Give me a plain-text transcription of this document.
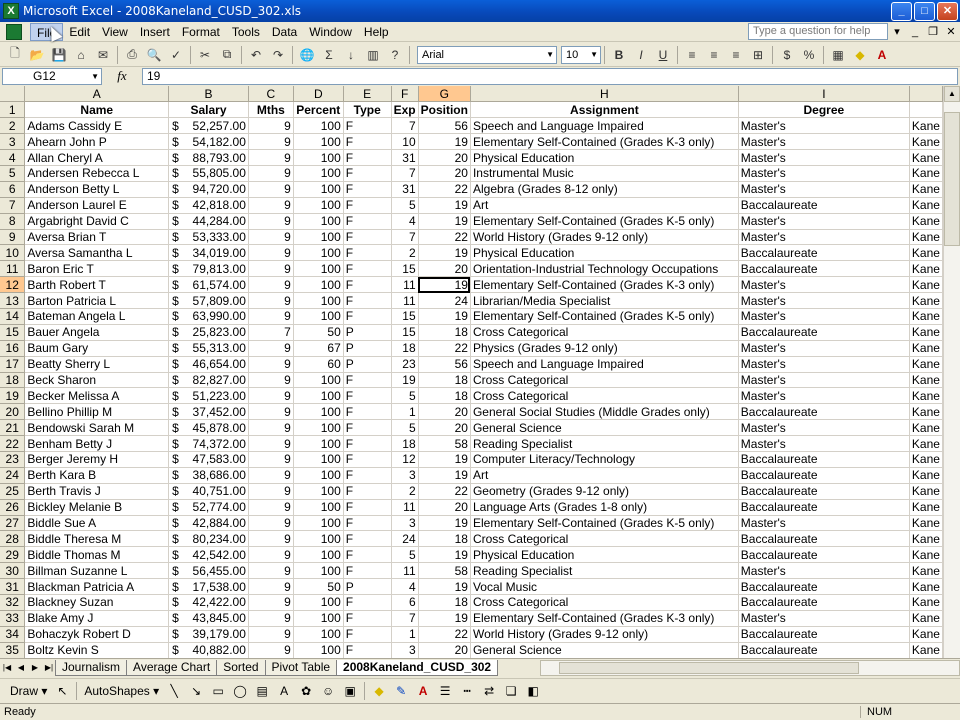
X Microsoft Excel - 2008Kaneland_CUSD_302.xls	_	□	✕
File	Edit	View	Insert	Format	Tools	Data	Window	Help	Type a question for help	▾	_ ❐ ✕
🗋 📂 💾 ⌂	✉	⎙ 🔍 ✓	✂	⧉	↶ ↷	🌐 Σ	↓	▥	?	Arial	▼	10 ▼ B I U	≡	≡	≡	⊞	$	%	▦ ◆	A
G12	▼	fx	19
	A	B	C	D	E	F	G	H	I	
1	Name	Salary	Mths	Percent	Type	Exp	Position	Assignment	Degree	
2	Adams Cassidy E	$ 52,257.00	9	100	F	7	56	Speech and Language Impaired	Master's	Kane
3	Ahearn John P	$ 54,182.00	9	100	F	10	19	Elementary Self-Contained (Grades K-3 only)	Master's	Kane
4	Allan Cheryl A	$ 88,793.00	9	100	F	31	20	Physical Education	Master's	Kane
5	Andersen Rebecca L	$ 55,805.00	9	100	F	7	20	Instrumental Music	Master's	Kane
6	Anderson Betty L	$ 94,720.00	9	100	F	31	22	Algebra (Grades 8-12 only)	Master's	Kane
7	Anderson Laurel E	$ 42,818.00	9	100	F	5	19	Art	Baccalaureate	Kane
8	Argabright David C	$ 44,284.00	9	100	F	4	19	Elementary Self-Contained (Grades K-5 only)	Master's	Kane
9	Aversa Brian T	$ 53,333.00	9	100	F	7	22	World History (Grades 9-12 only)	Master's	Kane
10	Aversa Samantha L	$ 34,019.00	9	100	F	2	19	Physical Education	Baccalaureate	Kane
11	Baron Eric T	$ 79,813.00	9	100	F	15	20	Orientation-Industrial Technology Occupations	Baccalaureate	Kane
12	Barth Robert T	$ 61,574.00	9	100	F	11	19	Elementary Self-Contained (Grades K-3 only)	Master's	Kane
13	Barton Patricia L	$ 57,809.00	9	100	F	11	24	Librarian/Media Specialist	Master's	Kane
14	Bateman Angela L	$ 63,990.00	9	100	F	15	19	Elementary Self-Contained (Grades K-5 only)	Master's	Kane
15	Bauer Angela	$ 25,823.00	7	50	P	15	18	Cross Categorical	Baccalaureate	Kane
16	Baum Gary	$ 55,313.00	9	67	P	18	22	Physics (Grades 9-12 only)	Master's	Kane
17	Beatty Sherry L	$ 46,654.00	9	60	P	23	56	Speech and Language Impaired	Master's	Kane
18	Beck Sharon	$ 82,827.00	9	100	F	19	18	Cross Categorical	Master's	Kane
19	Becker Melissa A	$ 51,223.00	9	100	F	5	18	Cross Categorical	Master's	Kane
20	Bellino Phillip M	$ 37,452.00	9	100	F	1	20	General Social Studies (Middle Grades only)	Baccalaureate	Kane
21	Bendowski Sarah M	$ 45,878.00	9	100	F	5	20	General Science	Master's	Kane
22	Benham Betty J	$ 74,372.00	9	100	F	18	58	Reading Specialist	Master's	Kane
23	Berger Jeremy H	$ 47,583.00	9	100	F	12	19	Computer Literacy/Technology	Baccalaureate	Kane
24	Berth Kara B	$ 38,686.00	9	100	F	3	19	Art	Baccalaureate	Kane
25	Berth Travis J	$ 40,751.00	9	100	F	2	22	Geometry (Grades 9-12 only)	Baccalaureate	Kane
26	Bickley Melanie B	$ 52,774.00	9	100	F	11	20	Language Arts (Grades 1-8 only)	Baccalaureate	Kane
27	Biddle Sue A	$ 42,884.00	9	100	F	3	19	Elementary Self-Contained (Grades K-5 only)	Master's	Kane
28	Biddle Theresa M	$ 80,234.00	9	100	F	24	18	Cross Categorical	Baccalaureate	Kane
29	Biddle Thomas M	$ 42,542.00	9	100	F	5	19	Physical Education	Baccalaureate	Kane
30	Billman Suzanne L	$ 56,455.00	9	100	F	11	58	Reading Specialist	Master's	Kane
31	Blackman Patricia A	$ 17,538.00	9	50	P	4	19	Vocal Music	Baccalaureate	Kane
32	Blackney Suzan	$ 42,422.00	9	100	F	6	18	Cross Categorical	Baccalaureate	Kane
33	Blake Amy J	$ 43,845.00	9	100	F	7	19	Elementary Self-Contained (Grades K-3 only)	Master's	Kane
34	Bohaczyk Robert D	$ 39,179.00	9	100	F	1	22	World History (Grades 9-12 only)	Baccalaureate	Kane
35	Boltz Kevin S	$ 40,882.00	9	100	F	3	20	General Science	Baccalaureate	Kane
▲
|◀ ◀ ▶ ▶| Journalism	Average Chart	Sorted	Pivot Table	2008Kaneland_CUSD_302
Draw ▾ ↖	AutoShapes ▾ ╲	↘ ▭ ◯ ▤	A	✿ ☺ ▣	◆	✎	A	☰	┅	⇄ ❏ ◧
Ready	NUM
